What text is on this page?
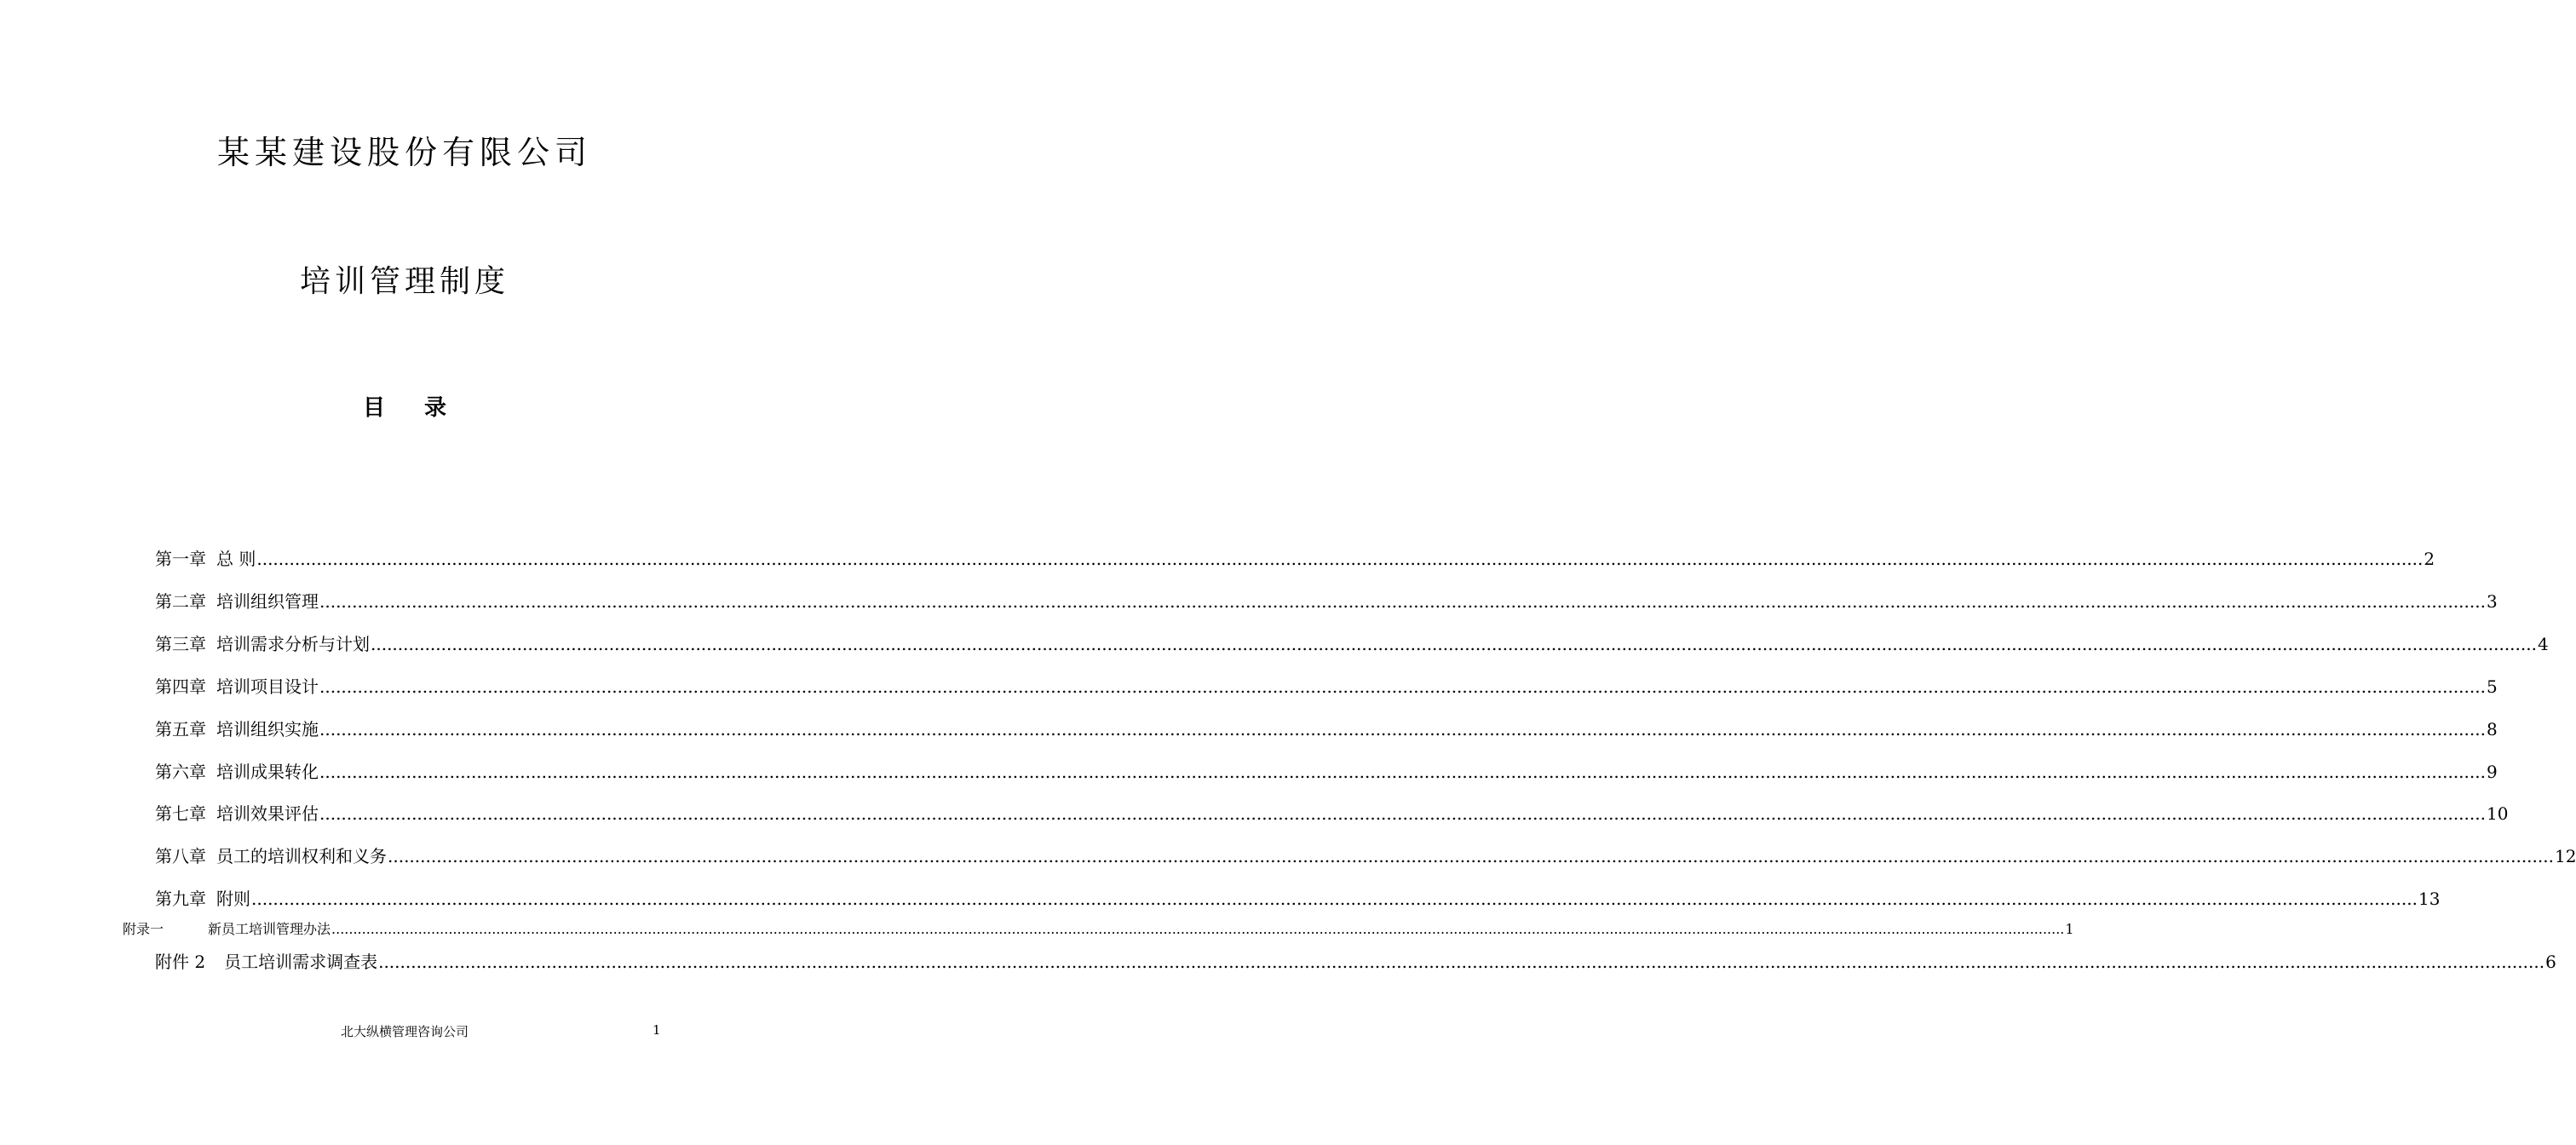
某某建设股份有限公司
培训管理制度
目 录
第一章 总 则 ................................................................................................................................................................................................................................................................................................................................................................................................................ 2
第二章 培训组织管理 ................................................................................................................................................................................................................................................................................................................................................................................................................ 3
第三章 培训需求分析与计划 ................................................................................................................................................................................................................................................................................................................................................................................................................ 4
第四章 培训项目设计 ................................................................................................................................................................................................................................................................................................................................................................................................................ 5
第五章 培训组织实施 ................................................................................................................................................................................................................................................................................................................................................................................................................ 8
第六章 培训成果转化 ................................................................................................................................................................................................................................................................................................................................................................................................................ 9
第七章 培训效果评估 ................................................................................................................................................................................................................................................................................................................................................................................................................ 10
第八章 员工的培训权利和义务 ................................................................................................................................................................................................................................................................................................................................................................................................................ 12
第九章 附则 ................................................................................................................................................................................................................................................................................................................................................................................................................ 13
附录一	新员工培训管理办法 ................................................................................................................................................................................................................................................................................................................................................................................................................ 1
附件 2 员工培训需求调查表 ................................................................................................................................................................................................................................................................................................................................................................................................................ 6
北大纵横管理咨询公司	1
